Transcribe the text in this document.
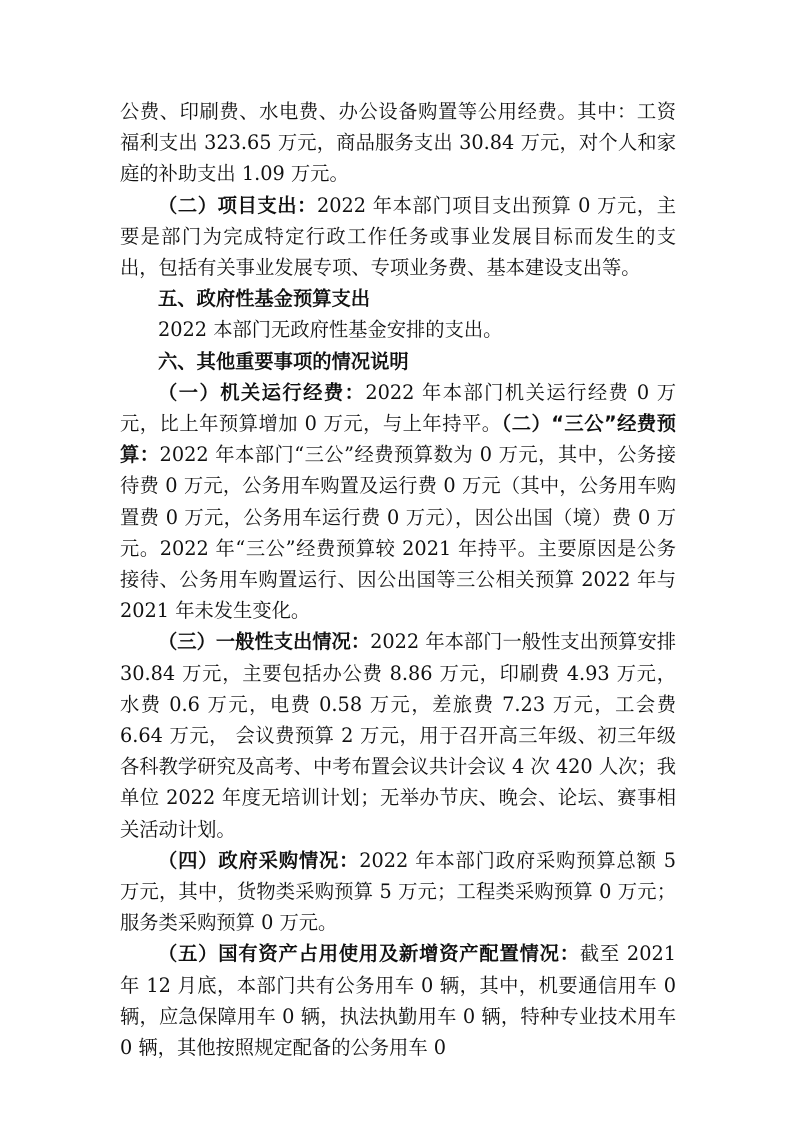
公费、印刷费、水电费、办公设备购置等公用经费。其中：工资福利支出 323.65 万元，商品服务支出 30.84 万元，对个人和家庭的补助支出 1.09 万元。

（二）项目支出：2022 年本部门项目支出预算 0 万元，主要是部门为完成特定行政工作任务或事业发展目标而发生的支出，包括有关事业发展专项、专项业务费、基本建设支出等。

五、政府性基金预算支出

2022 本部门无政府性基金安排的支出。

六、其他重要事项的情况说明

（一）机关运行经费：2022 年本部门机关运行经费 0 万元，比上年预算增加 0 万元，与上年持平。（二）“三公”经费预算：2022 年本部门“三公”经费预算数为 0 万元，其中，公务接待费 0 万元，公务用车购置及运行费 0 万元（其中，公务用车购置费 0 万元，公务用车运行费 0 万元），因公出国（境）费 0 万元。2022 年“三公”经费预算较 2021 年持平。主要原因是公务接待、公务用车购置运行、因公出国等三公相关预算 2022 年与 2021 年未发生变化。

（三）一般性支出情况：2022 年本部门一般性支出预算安排 30.84 万元，主要包括办公费 8.86 万元，印刷费 4.93 万元，水费 0.6 万元，电费 0.58 万元，差旅费 7.23 万元，工会费 6.64 万元， 会议费预算 2 万元，用于召开高三年级、初三年级各科教学研究及高考、中考布置会议共计会议 4 次 420 人次；我单位 2022 年度无培训计划；无举办节庆、晚会、论坛、赛事相关活动计划。

（四）政府采购情况：2022 年本部门政府采购预算总额 5 万元，其中，货物类采购预算 5 万元；工程类采购预算 0 万元；服务类采购预算 0 万元。

（五）国有资产占用使用及新增资产配置情况：截至 2021 年 12 月底，本部门共有公务用车 0 辆，其中，机要通信用车 0 辆，应急保障用车 0 辆，执法执勤用车 0 辆，特种专业技术用车 0 辆，其他按照规定配备的公务用车 0
